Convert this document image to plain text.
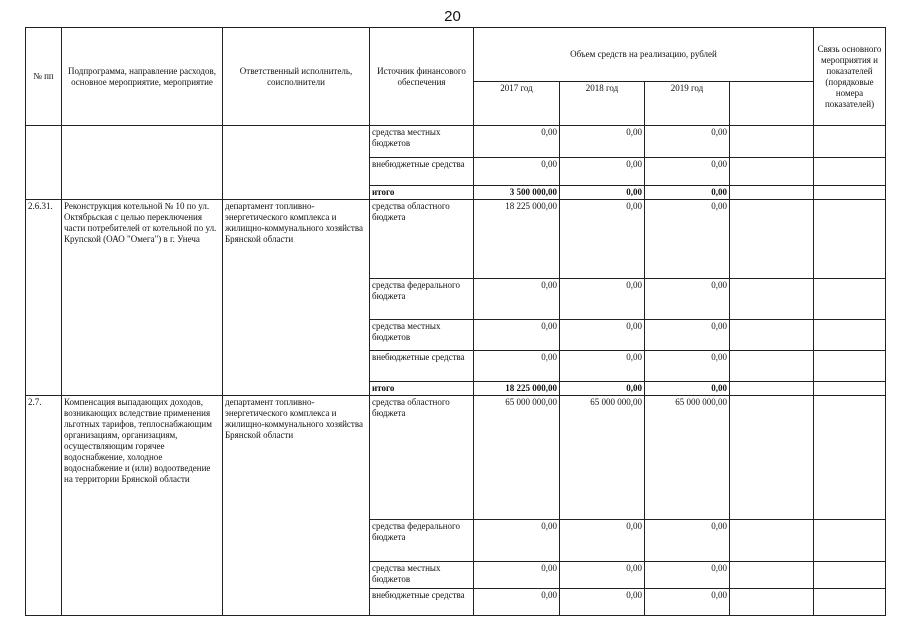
20
№ пп	Подпрограмма, направление расходов, основное мероприятие, мероприятие	Ответственный исполнитель, соисполнители	Источник финансового обеспечения	Объем средств на реализацию, рублей				Связь основного мероприятия и показателей (порядковые номера показателей)
				2017 год	2018 год	2019 год		
			средства местных бюджетов	0,00	0,00	0,00		
			внебюджетные средства	0,00	0,00	0,00		
			итого	3 500 000,00	0,00	0,00		
2.6.31.	Реконструкция котельной № 10 по ул. Октябрьская с целью переключения части потребителей от котельной по ул. Крупской (ОАО "Омега") в г. Унеча	департамент топливно-энергетического комплекса и жилищно-коммунального хозяйства Брянской области	средства областного бюджета	18 225 000,00	0,00	0,00		
			средства федерального бюджета	0,00	0,00	0,00		
			средства местных бюджетов	0,00	0,00	0,00		
			внебюджетные средства	0,00	0,00	0,00		
			итого	18 225 000,00	0,00	0,00		
2.7.	Компенсация выпадающих доходов, возникающих вследствие применения льготных тарифов, теплоснабжающим организациям, организациям, осуществляющим горячее водоснабжение, холодное водоснабжение и (или) водоотведение на территории Брянской области	департамент топливно-энергетического комплекса и жилищно-коммунального хозяйства Брянской области	средства областного бюджета	65 000 000,00	65 000 000,00	65 000 000,00		
			средства федерального бюджета	0,00	0,00	0,00		
			средства местных бюджетов	0,00	0,00	0,00		
			внебюджетные средства	0,00	0,00	0,00		
